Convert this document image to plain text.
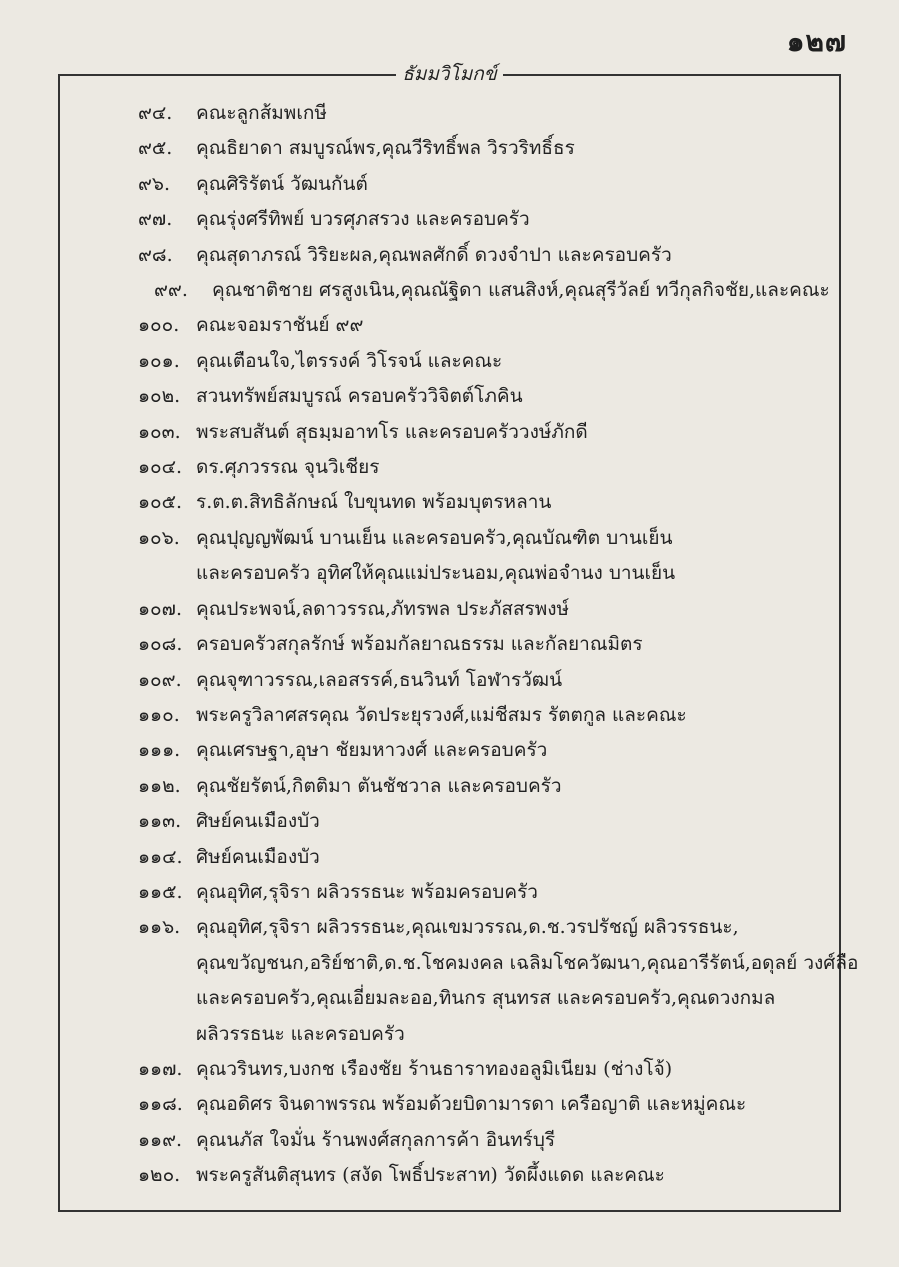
๑๒๗
ธัมมวิโมกข์
๙๔.	คณะลูกส้มพเกษี
๙๕.	คุณธิยาดา สมบูรณ์พร,คุณวีริทธิ์พล วิรวริทธิ์ธร
๙๖.	คุณศิริรัตน์ วัฒนกันต์
๙๗.	คุณรุ่งศรีทิพย์ บวรศุภสรวง และครอบครัว
๙๘.	คุณสุดาภรณ์ วิริยะผล,คุณพลศักดิ์ ดวงจำปา และครอบครัว
๙๙.	คุณชาติชาย ศรสูงเนิน,คุณณัฐิดา แสนสิงห์,คุณสุรีวัลย์ ทวีกุลกิจชัย,และคณะ
๑๐๐. คณะจอมราชันย์ ๙๙
๑๐๑. คุณเตือนใจ,ไตรรงค์ วิโรจน์ และคณะ
๑๐๒. สวนทรัพย์สมบูรณ์ ครอบครัววิจิตต์โภคิน
๑๐๓. พระสบสันต์ สุธมฺมอาทโร และครอบครัววงษ์ภักดี
๑๐๔. ดร.ศุภวรรณ จุนวิเชียร
๑๐๕. ร.ต.ต.สิทธิลักษณ์ ใบขุนทด พร้อมบุตรหลาน
๑๐๖. คุณปุญญพัฒน์ บานเย็น และครอบครัว,คุณบัณฑิต บานเย็น
และครอบครัว อุทิศให้คุณแม่ประนอม,คุณพ่อจำนง บานเย็น
๑๐๗. คุณประพจน์,ลดาวรรณ,ภัทรพล ประภัสสรพงษ์
๑๐๘. ครอบครัวสกุลรักษ์ พร้อมกัลยาณธรรม และกัลยาณมิตร
๑๐๙. คุณจุฑาวรรณ,เลอสรรค์,ธนวินท์ โอฬารวัฒน์
๑๑๐. พระครูวิลาศสรคุณ วัดประยุรวงศ์,แม่ชีสมร รัตตกูล และคณะ
๑๑๑. คุณเศรษฐา,อุษา ชัยมหาวงศ์ และครอบครัว
๑๑๒. คุณชัยรัตน์,กิตติมา ตันชัชวาล และครอบครัว
๑๑๓. ศิษย์คนเมืองบัว
๑๑๔. ศิษย์คนเมืองบัว
๑๑๕. คุณอุทิศ,รุจิรา ผลิวรรธนะ พร้อมครอบครัว
๑๑๖. คุณอุทิศ,รุจิรา ผลิวรรธนะ,คุณเขมวรรณ,ด.ช.วรปรัชญ์ ผลิวรรธนะ,
คุณขวัญชนก,อริย์ชาติ,ด.ช.โชคมงคล เฉลิมโชควัฒนา,คุณอารีรัตน์,อดุลย์ วงศ์ลือ
และครอบครัว,คุณเอี่ยมละออ,ทินกร สุนทรส และครอบครัว,คุณดวงกมล
ผลิวรรธนะ และครอบครัว
๑๑๗. คุณวรินทร,บงกช เรืองชัย ร้านธาราทองอลูมิเนียม (ช่างโจ้)
๑๑๘. คุณอดิศร จินดาพรรณ พร้อมด้วยบิดามารดา เครือญาติ และหมู่คณะ
๑๑๙. คุณนภัส ใจมั่น ร้านพงศ์สกุลการค้า อินทร์บุรี
๑๒๐. พระครูสันติสุนทร (สงัด โพธิ์ประสาท) วัดผึ้งแดด และคณะ
